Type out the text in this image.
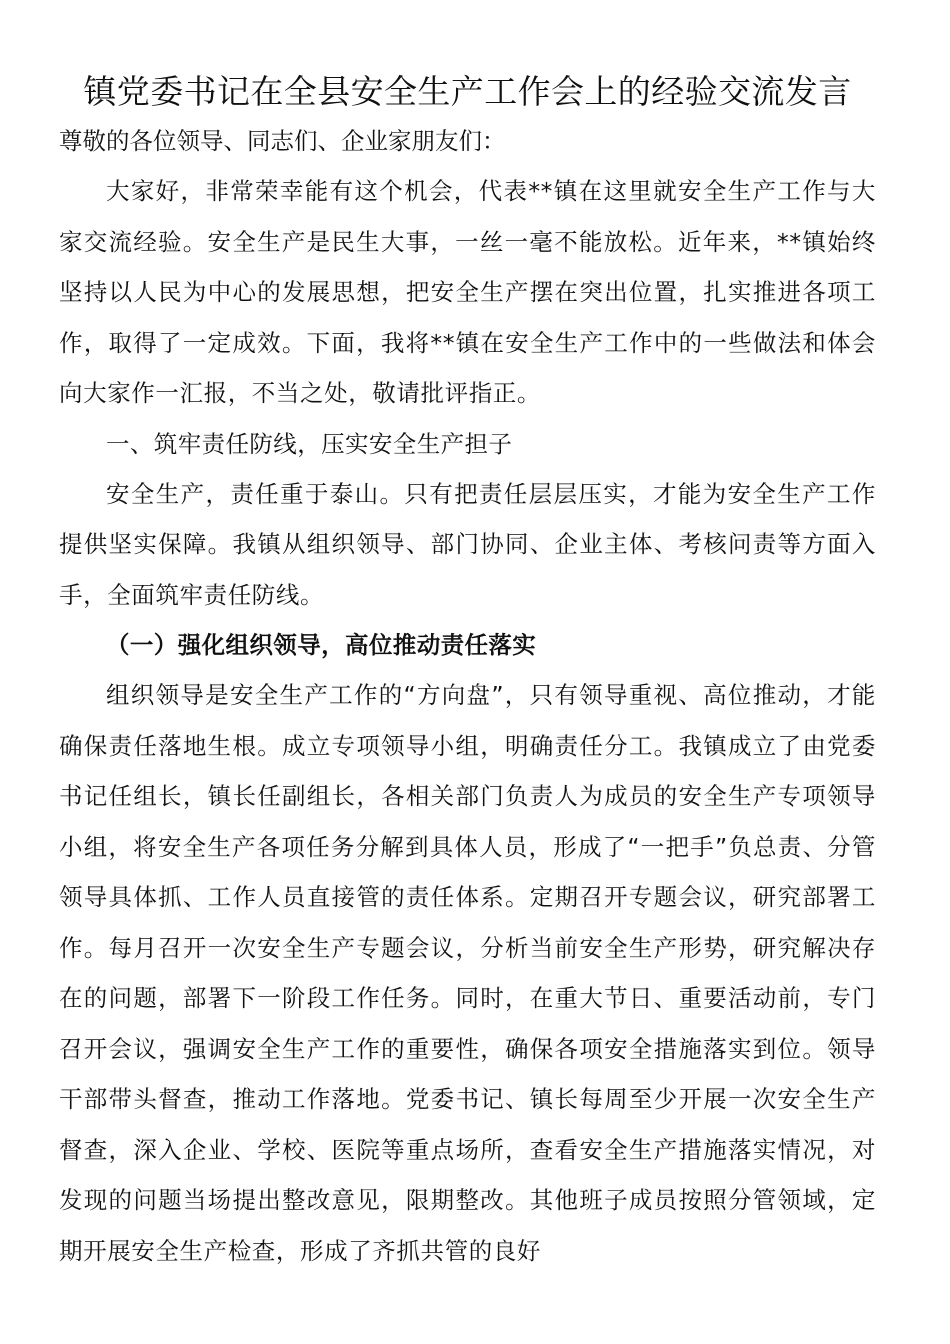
镇党委书记在全县安全生产工作会上的经验交流发言

尊敬的各位领导、同志们、企业家朋友们：

大家好，非常荣幸能有这个机会，代表**镇在这里就安全生产工作与大家交流经验。安全生产是民生大事，一丝一毫不能放松。近年来，**镇始终坚持以人民为中心的发展思想，把安全生产摆在突出位置，扎实推进各项工作，取得了一定成效。下面，我将**镇在安全生产工作中的一些做法和体会向大家作一汇报，不当之处，敬请批评指正。

一、筑牢责任防线，压实安全生产担子

安全生产，责任重于泰山。只有把责任层层压实，才能为安全生产工作提供坚实保障。我镇从组织领导、部门协同、企业主体、考核问责等方面入手，全面筑牢责任防线。

（一）强化组织领导，高位推动责任落实

组织领导是安全生产工作的“方向盘”，只有领导重视、高位推动，才能确保责任落地生根。成立专项领导小组，明确责任分工。我镇成立了由党委书记任组长，镇长任副组长，各相关部门负责人为成员的安全生产专项领导小组，将安全生产各项任务分解到具体人员，形成了“一把手”负总责、分管领导具体抓、工作人员直接管的责任体系。定期召开专题会议，研究部署工作。每月召开一次安全生产专题会议，分析当前安全生产形势，研究解决存在的问题，部署下一阶段工作任务。同时，在重大节日、重要活动前，专门召开会议，强调安全生产工作的重要性，确保各项安全措施落实到位。领导干部带头督查，推动工作落地。党委书记、镇长每周至少开展一次安全生产督查，深入企业、学校、医院等重点场所，查看安全生产措施落实情况，对发现的问题当场提出整改意见，限期整改。其他班子成员按照分管领域，定期开展安全生产检查，形成了齐抓共管的良好
